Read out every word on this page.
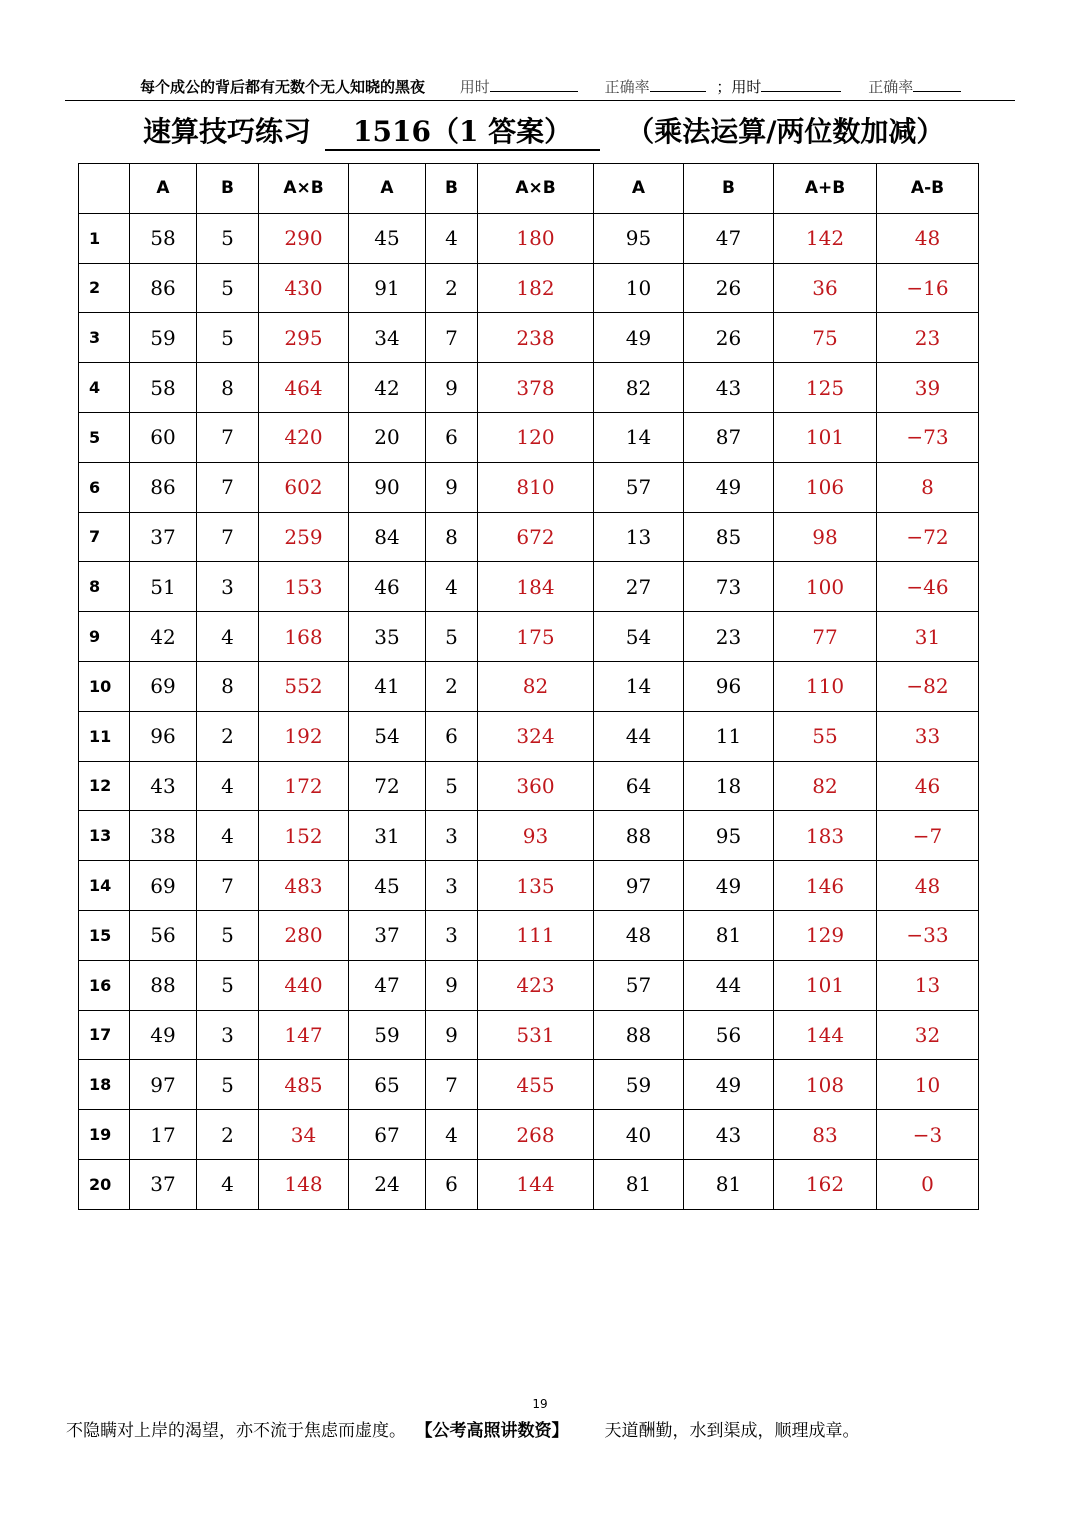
每个成公的背后都有无数个无人知晓的黑夜 用时	正确率	；用时	正确率
速算技巧练习 1516（1 答案） （乘法运算/两位数加减）
	A	B	A×B	A	B	A×B	A	B	A+B	A-B
1	58	5	290	45	4	180	95	47	142	48
2	86	5	430	91	2	182	10	26	36	−16
3	59	5	295	34	7	238	49	26	75	23
4	58	8	464	42	9	378	82	43	125	39
5	60	7	420	20	6	120	14	87	101	−73
6	86	7	602	90	9	810	57	49	106	8
7	37	7	259	84	8	672	13	85	98	−72
8	51	3	153	46	4	184	27	73	100	−46
9	42	4	168	35	5	175	54	23	77	31
10	69	8	552	41	2	82	14	96	110	−82
11	96	2	192	54	6	324	44	11	55	33
12	43	4	172	72	5	360	64	18	82	46
13	38	4	152	31	3	93	88	95	183	−7
14	69	7	483	45	3	135	97	49	146	48
15	56	5	280	37	3	111	48	81	129	−33
16	88	5	440	47	9	423	57	44	101	13
17	49	3	147	59	9	531	88	56	144	32
18	97	5	485	65	7	455	59	49	108	10
19	17	2	34	67	4	268	40	43	83	−3
20	37	4	148	24	6	144	81	81	162	0
19
不隐瞒对上岸的渴望，亦不流于焦虑而虚度。 【公考高照讲数资】 天道酬勤，水到渠成，顺理成章。
